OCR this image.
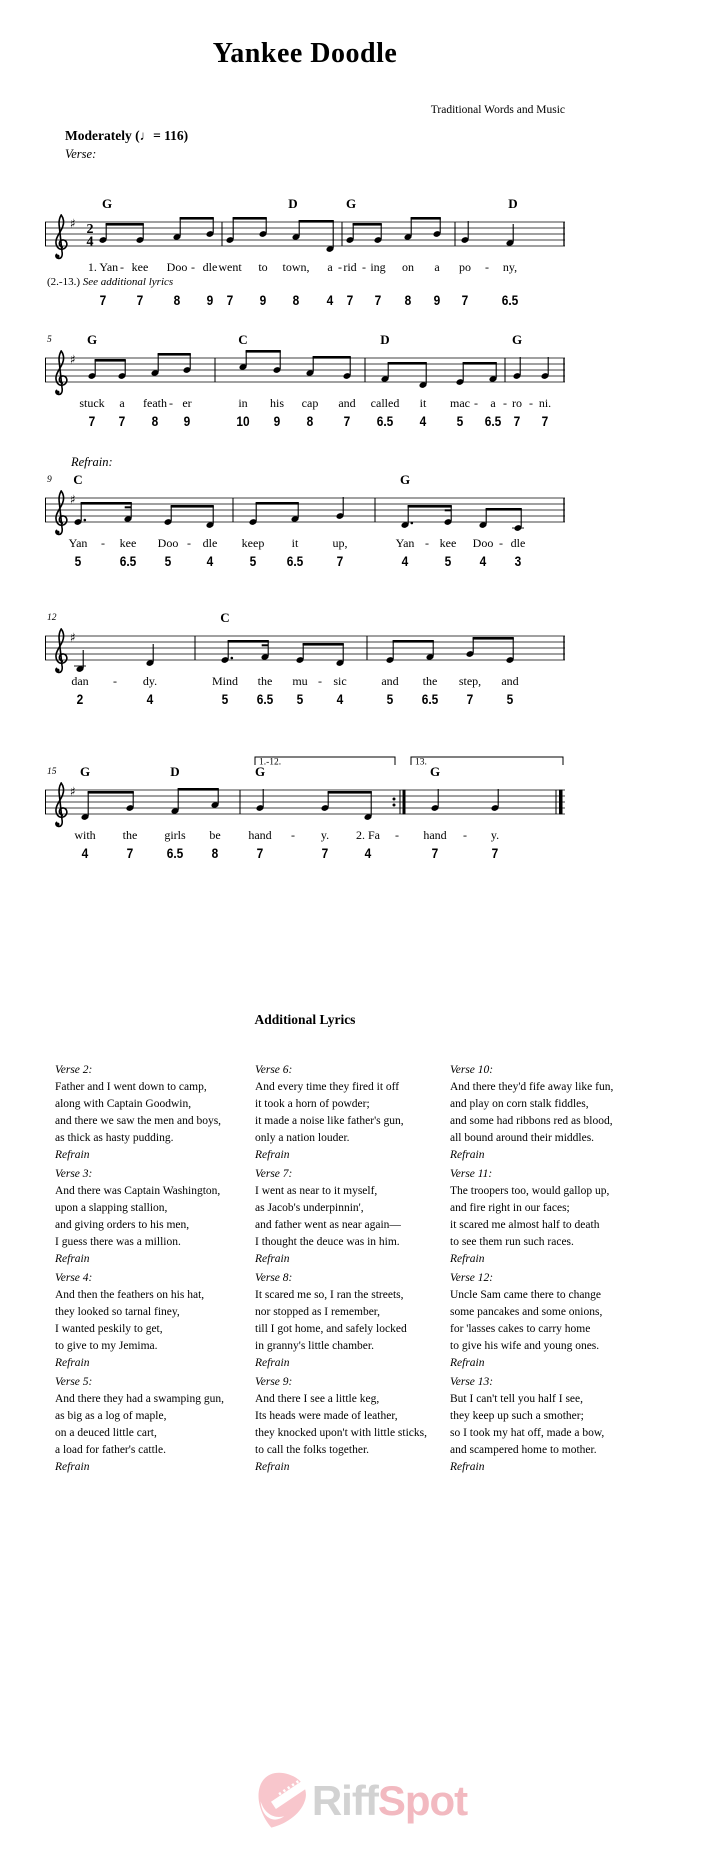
Yankee Doodle
Traditional Words and Music
Moderately (♩= 116)
Verse:
♯ 2
4
G	D	G	D
1. Yan - kee Doo - dle went to town, a - rid - ing on a po - ny,
(2.-13.) See additional lyrics
7 7 8 9 7 9 8 4 7 7 8 9 7 6.5
♯
5	G	C	D	G
stuck a feath - er	in his cap and called it mac - a - ro - ni.
7 7 8 9	10 9 8 7 6.5 4 5 6.5 7 7
Refrain:
♯
9 C	G
Yan - kee Doo - dle keep it	up,	Yan - kee Doo - dle
5	6.5 5	4	5 6.5 7	4	5 4 3
♯
12	C
dan - dy.	Mind the mu - sic	and the step, and
2	4	5 6.5 5 4	5 6.5 7 5
1.-12.	13.
♯
15 G	D	G	G
with the girls be hand - y. 2. Fa - hand - y.
4	7 6.5 8	7	7	4	7	7
Additional Lyrics
Verse 2:
Father and I went down to camp,
along with Captain Goodwin,
and there we saw the men and boys,
as thick as hasty pudding.
Refrain
Verse 3:
And there was Captain Washington,
upon a slapping stallion,
and giving orders to his men,
I guess there was a million.
Refrain
Verse 4:
And then the feathers on his hat,
they looked so tarnal finey,
I wanted peskily to get,
to give to my Jemima.
Refrain
Verse 5:
And there they had a swamping gun,
as big as a log of maple,
on a deuced little cart,
a load for father's cattle.
Refrain
Verse 6:
And every time they fired it off
it took a horn of powder;
it made a noise like father's gun,
only a nation louder.
Refrain
Verse 7:
I went as near to it myself,
as Jacob's underpinnin',
and father went as near again—
I thought the deuce was in him.
Refrain
Verse 8:
It scared me so, I ran the streets,
nor stopped as I remember,
till I got home, and safely locked
in granny's little chamber.
Refrain
Verse 9:
And there I see a little keg,
Its heads were made of leather,
they knocked upon't with little sticks,
to call the folks together.
Refrain
Verse 10:
And there they'd fife away like fun,
and play on corn stalk fiddles,
and some had ribbons red as blood,
all bound around their middles.
Refrain
Verse 11:
The troopers too, would gallop up,
and fire right in our faces;
it scared me almost half to death
to see them run such races.
Refrain
Verse 12:
Uncle Sam came there to change
some pancakes and some onions,
for 'lasses cakes to carry home
to give his wife and young ones.
Refrain
Verse 13:
But I can't tell you half I see,
they keep up such a smother;
so I took my hat off, made a bow,
and scampered home to mother.
Refrain
RiffSpot
